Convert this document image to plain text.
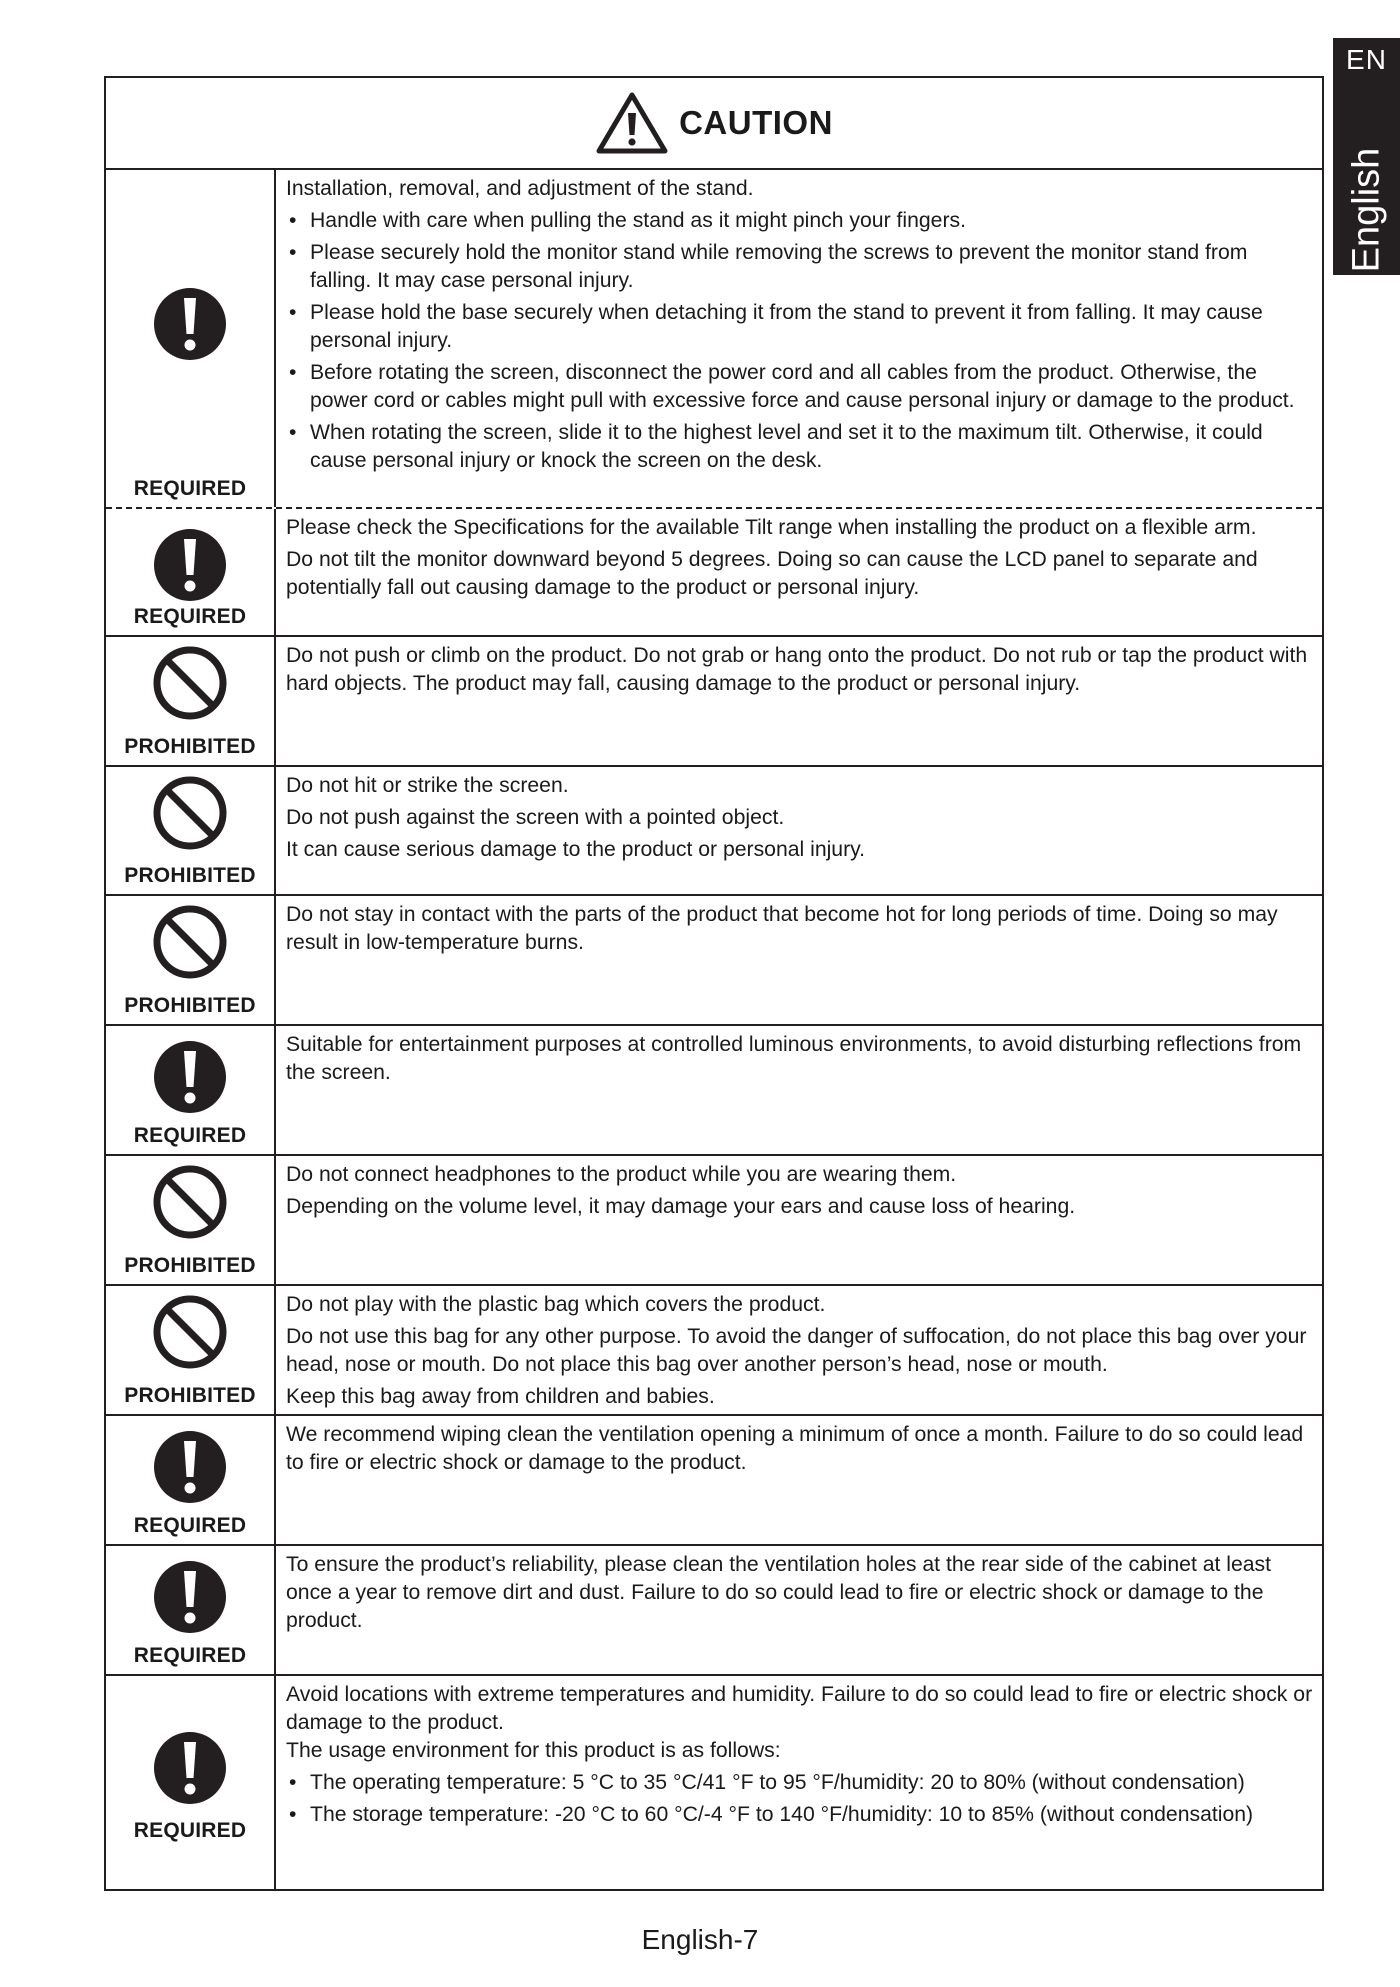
EN
English
CAUTION
REQUIRED

Installation, removal, and adjustment of the stand.

• Handle with care when pulling the stand as it might pinch your fingers.
• Please securely hold the monitor stand while removing the screws to prevent the monitor stand from falling. It may case personal injury.
• Please hold the base securely when detaching it from the stand to prevent it from falling. It may cause personal injury.
• Before rotating the screen, disconnect the power cord and all cables from the product. Otherwise, the power cord or cables might pull with excessive force and cause personal injury or damage to the product.
• When rotating the screen, slide it to the highest level and set it to the maximum tilt. Otherwise, it could cause personal injury or knock the screen on the desk.
REQUIRED

Please check the Specifications for the available Tilt range when installing the product on a flexible arm.

Do not tilt the monitor downward beyond 5 degrees. Doing so can cause the LCD panel to separate and potentially fall out causing damage to the product or personal injury.

PROHIBITED

Do not push or climb on the product. Do not grab or hang onto the product. Do not rub or tap the product with hard objects. The product may fall, causing damage to the product or personal injury.

PROHIBITED

Do not hit or strike the screen.

Do not push against the screen with a pointed object.

It can cause serious damage to the product or personal injury.

PROHIBITED

Do not stay in contact with the parts of the product that become hot for long periods of time. Doing so may result in low-temperature burns.

REQUIRED

Suitable for entertainment purposes at controlled luminous environments, to avoid disturbing reflections from the screen.

PROHIBITED

Do not connect headphones to the product while you are wearing them.

Depending on the volume level, it may damage your ears and cause loss of hearing.

PROHIBITED

Do not play with the plastic bag which covers the product.

Do not use this bag for any other purpose. To avoid the danger of suffocation, do not place this bag over your head, nose or mouth. Do not place this bag over another person’s head, nose or mouth.

Keep this bag away from children and babies.

REQUIRED

We recommend wiping clean the ventilation opening a minimum of once a month. Failure to do so could lead to fire or electric shock or damage to the product.

REQUIRED

To ensure the product’s reliability, please clean the ventilation holes at the rear side of the cabinet at least once a year to remove dirt and dust. Failure to do so could lead to fire or electric shock or damage to the product.

REQUIRED

Avoid locations with extreme temperatures and humidity. Failure to do so could lead to fire or electric shock or damage to the product.

The usage environment for this product is as follows:

• The operating temperature: 5 °C to 35 °C/41 °F to 95 °F/humidity: 20 to 80% (without condensation)
• The storage temperature: -20 °C to 60 °C/-4 °F to 140 °F/humidity: 10 to 85% (without condensation)
English-7
